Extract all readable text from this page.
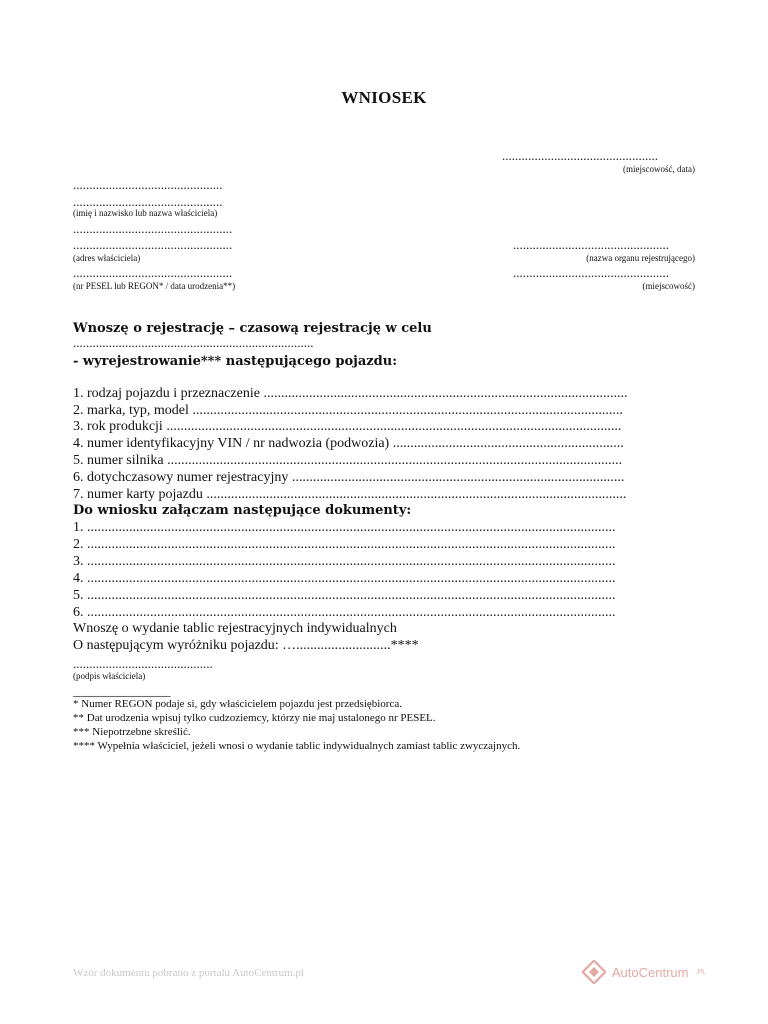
WNIOSEK
................................................
(miejscowość, data)
..............................................
..............................................
(imię i nazwisko lub nazwa właściciela)
.................................................
.................................................	................................................
(adres właściciela)	(nazwa organu rejestrującego)
.................................................	................................................
(nr PESEL lub REGON* / data urodzenia**)	(miejscowość)
Wnoszę o rejestrację – czasową rejestrację w celu
..........................................................................
- wyrejestrowanie*** następującego pojazdu:
1. rodzaj pojazdu i przeznaczenie ........................................................................................................
2. marka, typ, model ...........................................................................................................................
3. rok produkcji ..................................................................................................................................
4. numer identyfikacyjny VIN / nr nadwozia (podwozia) ..................................................................
5. numer silnika ..................................................................................................................................
6. dotychczasowy numer rejestracyjny ...............................................................................................
7. numer karty pojazdu ........................................................................................................................
Do wniosku załączam następujące dokumenty:
1. .......................................................................................................................................................
2. .......................................................................................................................................................
3. .......................................................................................................................................................
4. .......................................................................................................................................................
5. .......................................................................................................................................................
6. .......................................................................................................................................................
Wnoszę o wydanie tablic rejestracyjnych indywidualnych
O następującym wyróżniku pojazdu: …...........................****
...........................................
(podpis właściciela)
_______________
* Numer REGON podaje si, gdy właścicielem pojazdu jest przedsiębiorca.
** Dat urodzenia wpisuj tylko cudzoziemcy, którzy nie maj ustalonego nr PESEL.
*** Niepotrzebne skreślić.
**** Wypełnia właściciel, jeżeli wnosi o wydanie tablic indywidualnych zamiast tablic zwyczajnych.
Wzór dokumentu pobrano z portalu AutoCentrum.pl	AutoCentrum .PL
